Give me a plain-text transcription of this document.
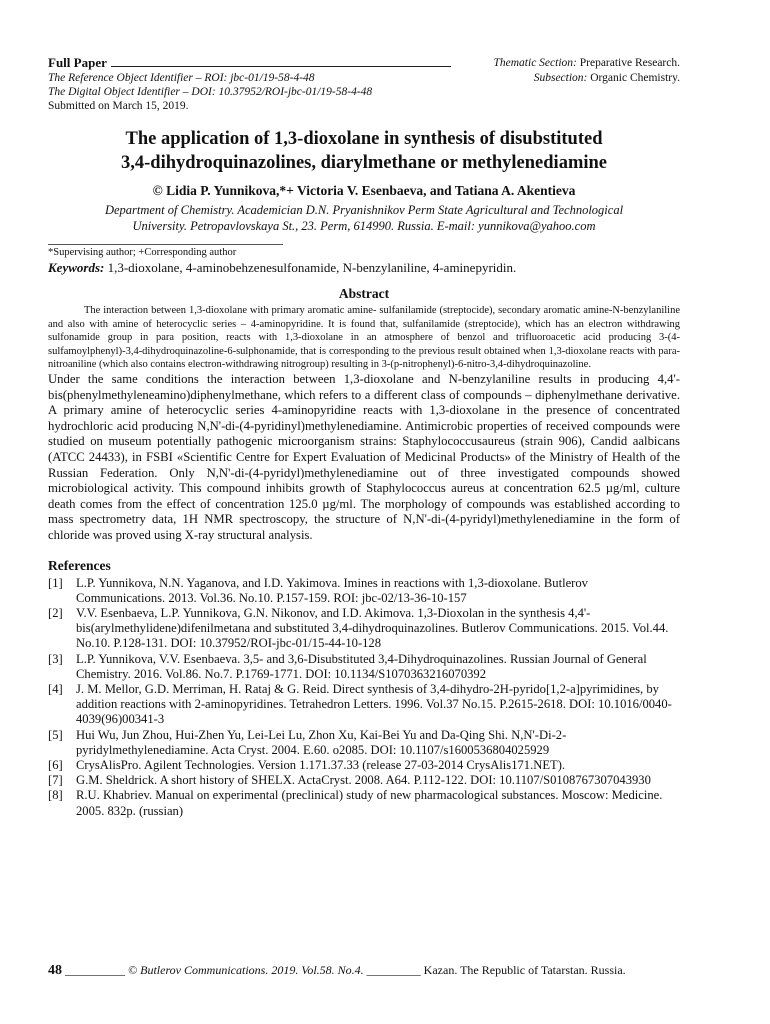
Full Paper	Thematic Section: Preparative Research.
The Reference Object Identifier – ROI: jbc-01/19-58-4-48	Subsection: Organic Chemistry.
The Digital Object Identifier – DOI: 10.37952/ROI-jbc-01/19-58-4-48
Submitted on March 15, 2019.
The application of 1,3-dioxolane in synthesis of disubstituted
3,4-dihydroquinazolines, diarylmethane or methylenediamine
© Lidia P. Yunnikova,*+ Victoria V. Esenbaeva, and Tatiana A. Akentieva
Department of Chemistry. Academician D.N. Pryanishnikov Perm State Agricultural and Technological
University. Petropavlovskaya St., 23. Perm, 614990. Russia. E-mail: yunnikova@yahoo.com
*Supervising author; +Corresponding author
Keywords: 1,3-dioxolane, 4-aminobehzenesulfonamide, N-benzylaniline, 4-aminepyridin.
Abstract
The interaction between 1,3-dioxolane with primary aromatic amine- sulfanilamide (streptocide), secondary aromatic amine-N-benzylaniline and also with amine of heterocyclic series – 4-aminopyridine. It is found that, sulfanilamide (streptocide), which has an electron withdrawing sulfonamide group in para position, reacts with 1,3-dioxolane in an atmosphere of benzol and trifluoroacetic acid producing 3-(4-sulfamoylphenyl)-3,4-dihydroquinazoline-6-sulphonamide, that is corresponding to the previous result obtained when 1,3-dioxolane reacts with para-nitroaniline (which also contains electron-withdrawing nitrogroup) resulting in 3-(p-nitrophenyl)-6-nitro-3,4-dihydroquinazoline.
Under the same conditions the interaction between 1,3-dioxolane and N-benzylaniline results in producing 4,4'-bis(phenylmethyleneamino)diphenylmethane, which refers to a different class of compounds – diphenylmethane derivative. A primary amine of heterocyclic series 4-aminopyridine reacts with 1,3-dioxolane in the presence of concentrated hydrochloric acid producing N,N'-di-(4-pyridinyl)methylenediamine. Antimicrobic properties of received compounds were studied on museum potentially pathogenic microorganism strains: Staphylococcusaureus (strain 906), Candid aalbicans (ATCC 24433), in FSBI «Scientific Centre for Expert Evaluation of Medicinal Products» of the Ministry of Health of the Russian Federation. Only N,N'-di-(4-pyridyl)methylenediamine out of three investigated compounds showed microbiological activity. This compound inhibits growth of Staphylococcus aureus at concentration 62.5 µg/ml, culture death comes from the effect of concentration 125.0 µg/ml. The morphology of compounds was established according to mass spectrometry data, 1H NMR spectroscopy, the structure of N,N'-di-(4-pyridyl)methylenediamine in the form of chloride was proved using X-ray structural analysis.
References
[1]	L.P. Yunnikova, N.N. Yaganova, and I.D. Yakimova. Imines in reactions with 1,3-dioxolane. Butlerov Communications. 2013. Vol.36. No.10. P.157-159. ROI: jbc-02/13-36-10-157
[2]	V.V. Esenbaeva, L.P. Yunnikova, G.N. Nikonov, and I.D. Akimova. 1,3-Dioxolan in the synthesis 4,4'-bis(arylmethylidene)difenilmetana and substituted 3,4-dihydroquinazolines. Butlerov Communications. 2015. Vol.44. No.10. P.128-131. DOI: 10.37952/ROI-jbc-01/15-44-10-128
[3]	L.P. Yunnikova, V.V. Esenbaeva. 3,5- and 3,6-Disubstituted 3,4-Dihydroquinazolines. Russian Journal of General Chemistry. 2016. Vol.86. No.7. P.1769-1771. DOI: 10.1134/S1070363216070392
[4]	J. M. Mellor, G.D. Merriman, H. Rataj & G. Reid. Direct synthesis of 3,4-dihydro-2H-pyrido[1,2-a]pyrimidines, by addition reactions with 2-aminopyridines. Tetrahedron Letters. 1996. Vol.37 No.15. P.2615-2618. DOI: 10.1016/0040-4039(96)00341-3
[5]	Hui Wu, Jun Zhou, Hui-Zhen Yu, Lei-Lei Lu, Zhon Xu, Kai-Bei Yu and Da-Qing Shi. N,N'-Di-2-pyridylmethylenediamine. Acta Cryst. 2004. E.60. o2085. DOI: 10.1107/s1600536804025929
[6]	CrysAlisPro. Agilent Technologies. Version 1.171.37.33 (release 27-03-2014 CrysAlis171.NET).
[7]	G.M. Sheldrick. A short history of SHELX. ActaCryst. 2008. A64. P.112-122. DOI: 10.1107/S0108767307043930
[8]	R.U. Khabriev. Manual on experimental (preclinical) study of new pharmacological substances. Moscow: Medicine. 2005. 832p. (russian)
48 __________ © Butlerov Communications. 2019. Vol.58. No.4. _________ Kazan. The Republic of Tatarstan. Russia.
